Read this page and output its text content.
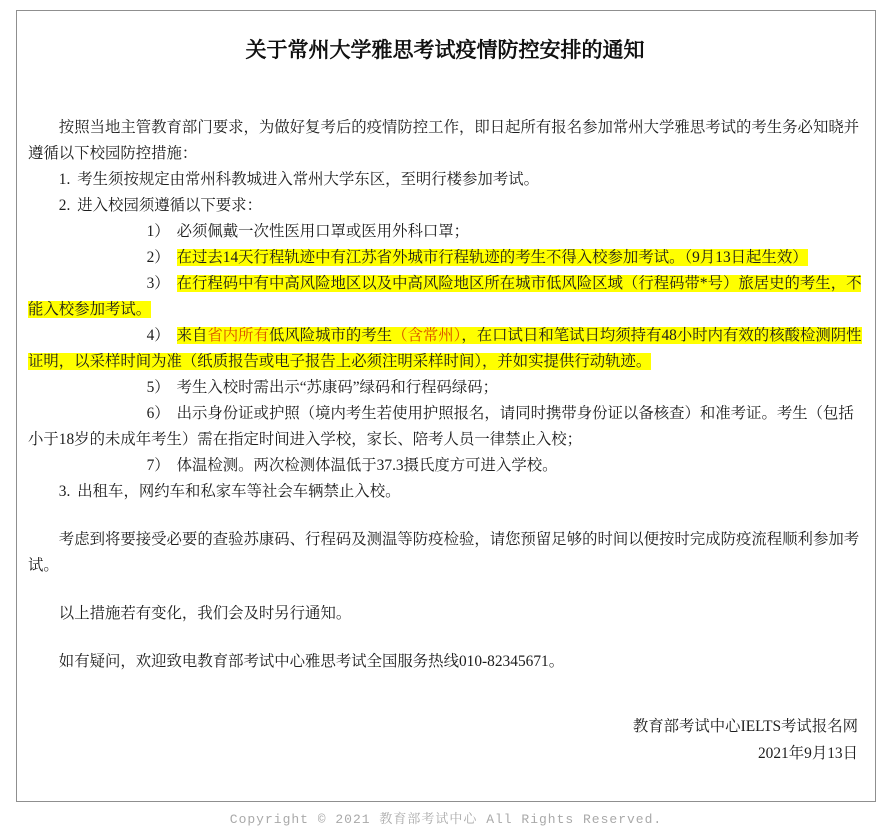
关于常州大学雅思考试疫情防控安排的通知

按照当地主管教育部门要求，为做好复考后的疫情防控工作，即日起所有报名参加常州大学雅思考试的考生务必知晓并遵循以下校园防控措施：

1. 考生须按规定由常州科教城进入常州大学东区，至明行楼参加考试。
2. 进入校园须遵循以下要求：
1） 必须佩戴一次性医用口罩或医用外科口罩；
2） 在过去14天行程轨迹中有江苏省外城市行程轨迹的考生不得入校参加考试。（9月13日起生效）
3） 在行程码中有中高风险地区以及中高风险地区所在城市低风险区域（行程码带*号）旅居史的考生，不能入校参加考试。
4） 来自省内所有低风险城市的考生（含常州），在口试日和笔试日均须持有48小时内有效的核酸检测阴性证明，以采样时间为准（纸质报告或电子报告上必须注明采样时间），并如实提供行动轨迹。
5） 考生入校时需出示“苏康码”绿码和行程码绿码；
6） 出示身份证或护照（境内考生若使用护照报名，请同时携带身份证以备核查）和准考证。考生（包括小于18岁的未成年考生）需在指定时间进入学校，家长、陪考人员一律禁止入校；
7） 体温检测。两次检测体温低于37.3摄氏度方可进入学校。
3. 出租车，网约车和私家车等社会车辆禁止入校。

考虑到将要接受必要的查验苏康码、行程码及测温等防疫检验，请您预留足够的时间以便按时完成防疫流程顺利参加考试。

以上措施若有变化，我们会及时另行通知。

如有疑问，欢迎致电教育部考试中心雅思考试全国服务热线010-82345671。

教育部考试中心IELTS考试报名网
2021年9月13日
Copyright © 2021 教育部考试中心 All Rights Reserved.
